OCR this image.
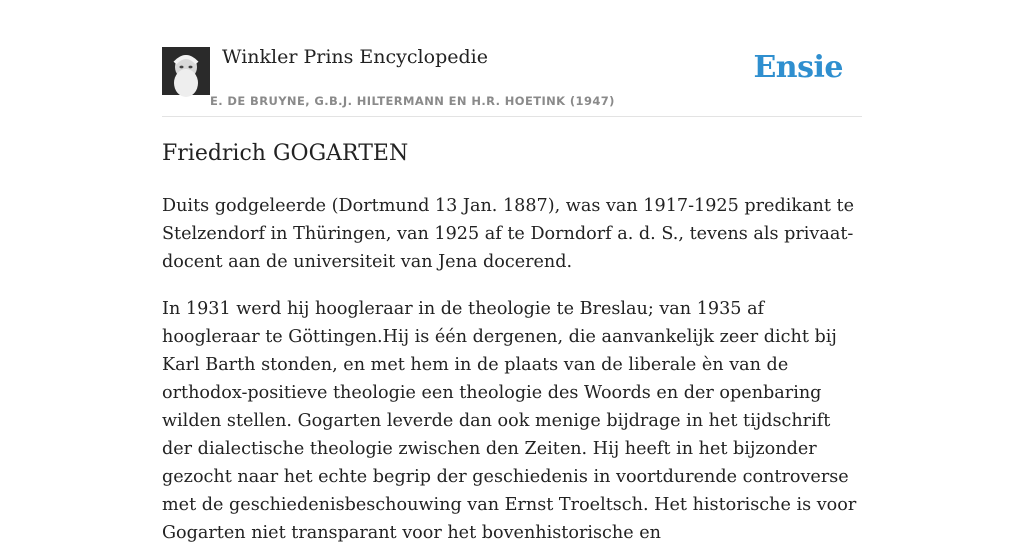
Winkler Prins Encyclopedie
E. DE BRUYNE, G.B.J. HILTERMANN EN H.R. HOETINK (1947)
Ensie
Friedrich GOGARTEN

Duits godgeleerde (Dortmund 13 Jan. 1887), was van 1917-1925 predikant te Stelzendorf in Thüringen, van 1925 af te Dorndorf a. d. S., tevens als privaat-docent aan de universiteit van Jena docerend.

In 1931 werd hij hoogleraar in de theologie te Breslau; van 1935 af hoogleraar te Göttingen.Hij is één dergenen, die aanvankelijk zeer dicht bij Karl Barth stonden, en met hem in de plaats van de liberale èn van de orthodox-positieve theologie een theologie des Woords en der openbaring wilden stellen. Gogarten leverde dan ook menige bijdrage in het tijdschrift der dialectische theologie zwischen den Zeiten. Hij heeft in het bijzonder gezocht naar het echte begrip der geschiedenis in voortdurende controverse met de geschiedenisbeschouwing van Ernst Troeltsch. Het historische is voor Gogarten niet transparant voor het bovenhistorische en
